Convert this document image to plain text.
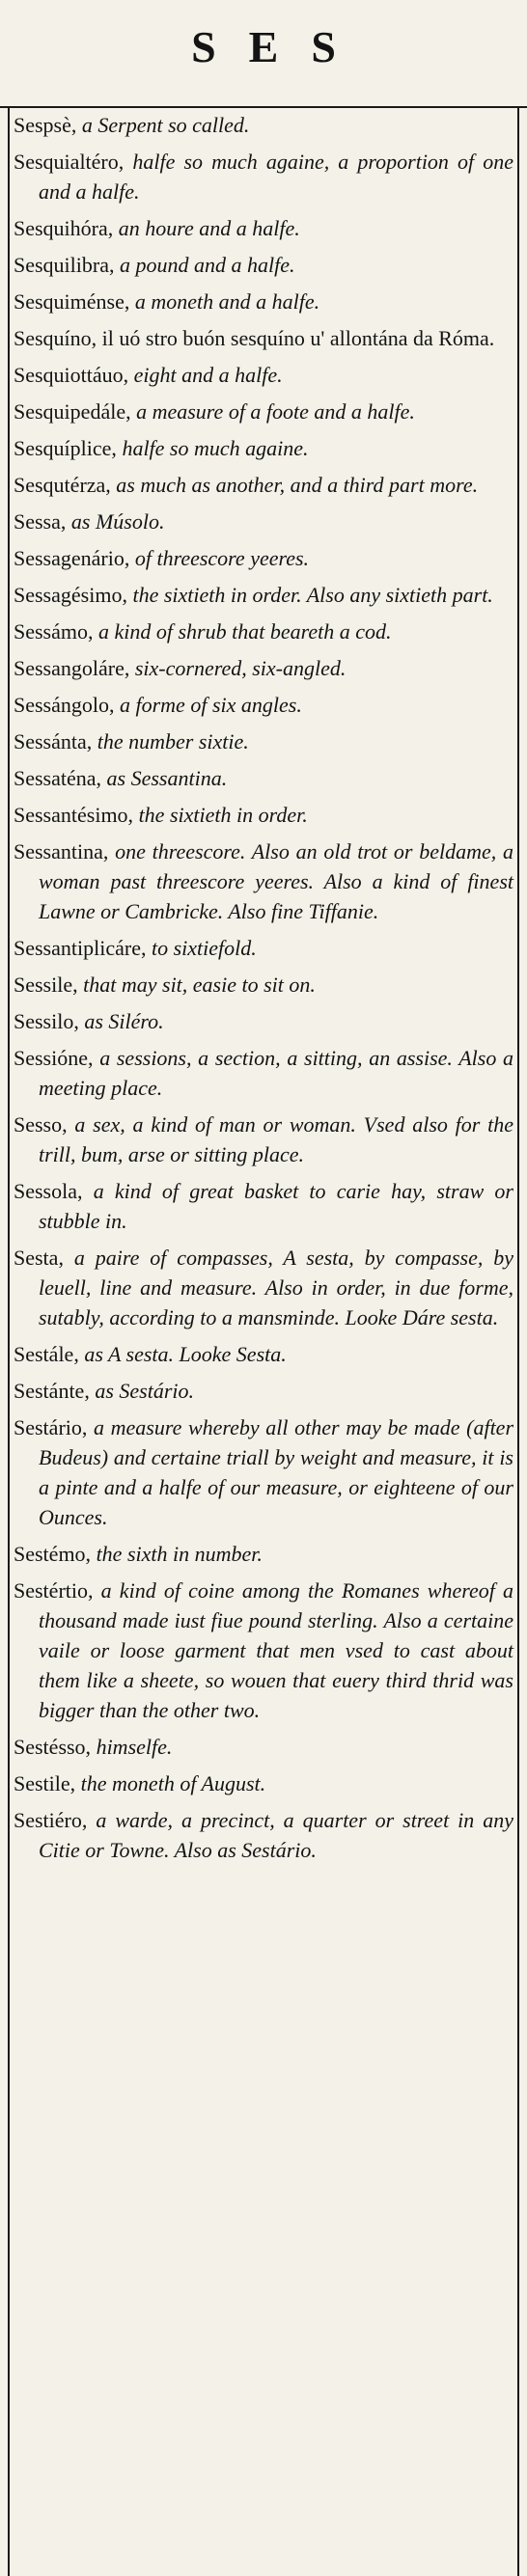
SES

Sespsè, a Serpent so called.

Sesquialtéro, halfe so much againe, a proportion of one and a halfe.

Sesquihóra, an houre and a halfe.

Sesquilibra, a pound and a halfe.

Sesquiménse, a moneth and a halfe.

Sesquíno, il uó stro buón sesquíno u' allontána da Róma.

Sesquiottáuo, eight and a halfe.

Sesquipedále, a measure of a foote and a halfe.

Sesquíplice, halfe so much againe.

Sesqutérza, as much as another, and a third part more.

Sessa, as Músolo.

Sessagenário, of threescore yeeres.

Sessagésimo, the sixtieth in order. Also any sixtieth part.

Sessámo, a kind of shrub that beareth a cod.

Sessangoláre, six-cornered, six-angled.

Sessángolo, a forme of six angles.

Sessánta, the number sixtie.

Sessaténa, as Sessantina.

Sessantésimo, the sixtieth in order.

Sessantina, one threescore. Also an old trot or beldame, a woman past threescore yeeres. Also a kind of finest Lawne or Cambricke. Also fine Tiffanie.

Sessantiplicáre, to sixtiefold.

Sessile, that may sit, easie to sit on.

Sessilo, as Siléro.

Sessióne, a sessions, a section, a sitting, an assise. Also a meeting place.

Sesso, a sex, a kind of man or woman. Vsed also for the trill, bum, arse or sitting place.

Sessola, a kind of great basket to carie hay, straw or stubble in.

Sesta, a paire of compasses, A sesta, by compasse, by leuell, line and measure. Also in order, in due forme, sutably, according to a mansminde. Looke Dáre sesta.

Sestále, as A sesta. Looke Sesta.

Sestánte, as Sestário.

Sestário, a measure whereby all other may be made (after Budeus) and certaine triall by weight and measure, it is a pinte and a halfe of our measure, or eighteene of our Ounces.

Sestémo, the sixth in number.

Sestértio, a kind of coine among the Romanes whereof a thousand made iust fiue pound sterling. Also a certaine vaile or loose garment that men vsed to cast about them like a sheete, so wouen that euery third thrid was bigger than the other two.

Sestésso, himselfe.

Sestile, the moneth of August.

Sestiéro, a warde, a precinct, a quarter or street in any Citie or Towne. Also as Sestário.
